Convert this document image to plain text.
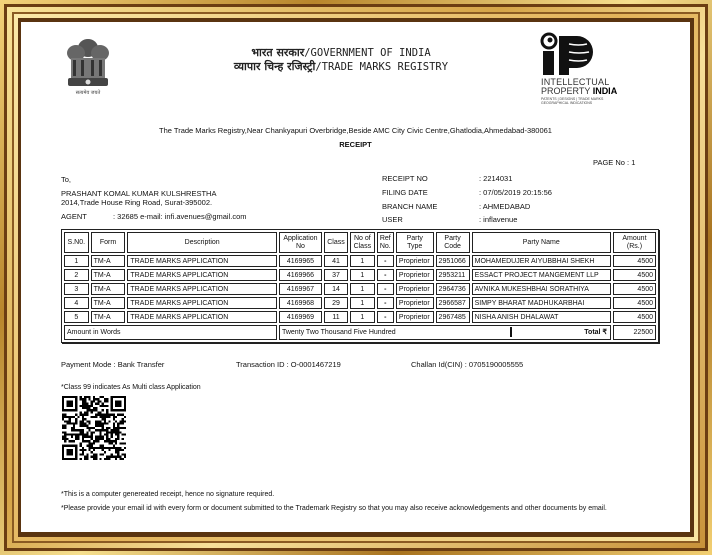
सत्यमेव जयते
भारत सरकार/GOVERNMENT OF INDIA
व्यापार चिन्ह रजिस्ट्री/TRADE MARKS REGISTRY
INTELLECTUAL
PROPERTY INDIA
PATENTS | DESIGNS | TRADE MARKS GEOGRAPHICAL INDICATIONS
The Trade Marks Registry,Near Chankyapuri Overbridge,Beside AMC City Civic Centre,Ghatlodia,Ahmedabad-380061
RECEIPT
PAGE No : 1
To,
PRASHANT KOMAL KUMAR KULSHRESTHA
2014,Trade House Ring Road, Surat-395002.
AGENT	: 32685 e-mail: infi.avenues@gmail.com
RECEIPT NO	: 2214031
FILING DATE	: 07/05/2019 20:15:56
BRANCH NAME	: AHMEDABAD
USER	: inflavenue
S.N0.	Form	Description	Application No	Class	No of Class	Ref No.	Party Type	Party Code	Party Name	Amount (Rs.)
1	TM-A	TRADE MARKS APPLICATION	4169965	41	1	-	Proprietor	2951066	MOHAMEDUJER AIYUBBHAI SHEKH	4500
2	TM-A	TRADE MARKS APPLICATION	4169966	37	1	-	Proprietor	2953211	ESSACT PROJECT MANGEMENT LLP	4500
3	TM-A	TRADE MARKS APPLICATION	4169967	14	1	-	Proprietor	2964736	AVNIKA MUKESHBHAI SORATHIYA	4500
4	TM-A	TRADE MARKS APPLICATION	4169968	29	1	-	Proprietor	2966587	SIMPY BHARAT MADHUKARBHAI	4500
5	TM-A	TRADE MARKS APPLICATION	4169969	11	1	-	Proprietor	2967485	NISHA ANISH DHALAWAT	4500
Amount in Words			Twenty Two Thousand Five Hundred Total ₹							22500
Payment Mode : Bank Transfer	Transaction ID : O-0001467219	Challan Id(CIN) : 0705190005555
*Class 99 indicates As Multi class Application
*This is a computer genereated receipt, hence no signature required.
*Please provide your email id with every form or document submitted to the Trademark Registry so that you may also receive acknowledgements and other documents by email.
